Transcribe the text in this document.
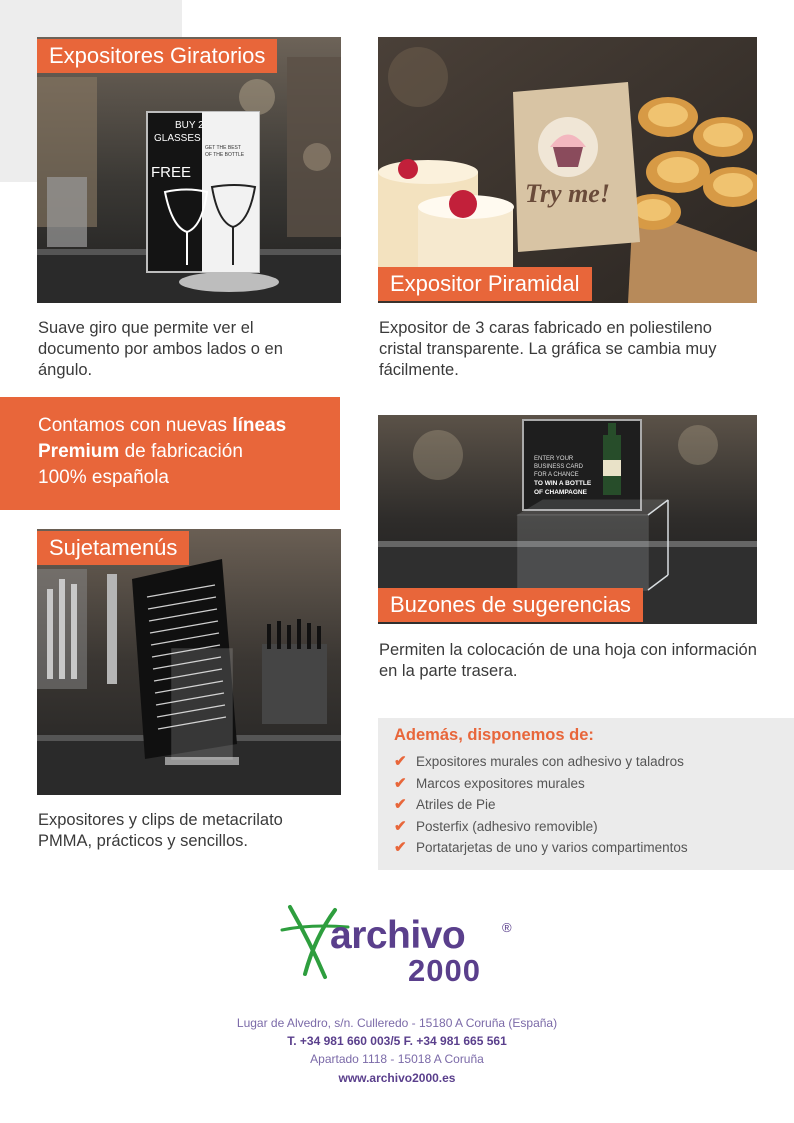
BUY 2
GLASSES
FREE
GET THE BEST
OF THE BOTTLE
Expositores Giratorios
Suave giro que permite ver el documento por ambos lados o en ángulo.
Try me!
Expositor Piramidal
Expositor de 3 caras fabricado en poliestileno cristal transparente. La gráfica se cambia muy fácilmente.
Contamos con nuevas líneas
Premium de fabricación
100% española
ENTER YOUR
BUSINESS CARD
FOR A CHANCE
TO WIN A BOTTLE
OF CHAMPAGNE
Buzones de sugerencias
Permiten la colocación de una hoja con información en la parte trasera.
Sujetamenús
Expositores y clips de metacrilato PMMA, prácticos y sencillos.
Además, disponemos de:
✔ Expositores murales con adhesivo y taladros
✔ Marcos expositores murales
✔ Atriles de Pie
✔ Posterfix (adhesivo removible)
✔ Portatarjetas de uno y varios compartimentos
archivo	®
2000
Lugar de Alvedro, s/n. Culleredo - 15180 A Coruña (España)
T. +34 981 660 003/5 F. +34 981 665 561
Apartado 1118 - 15018 A Coruña
www.archivo2000.es
